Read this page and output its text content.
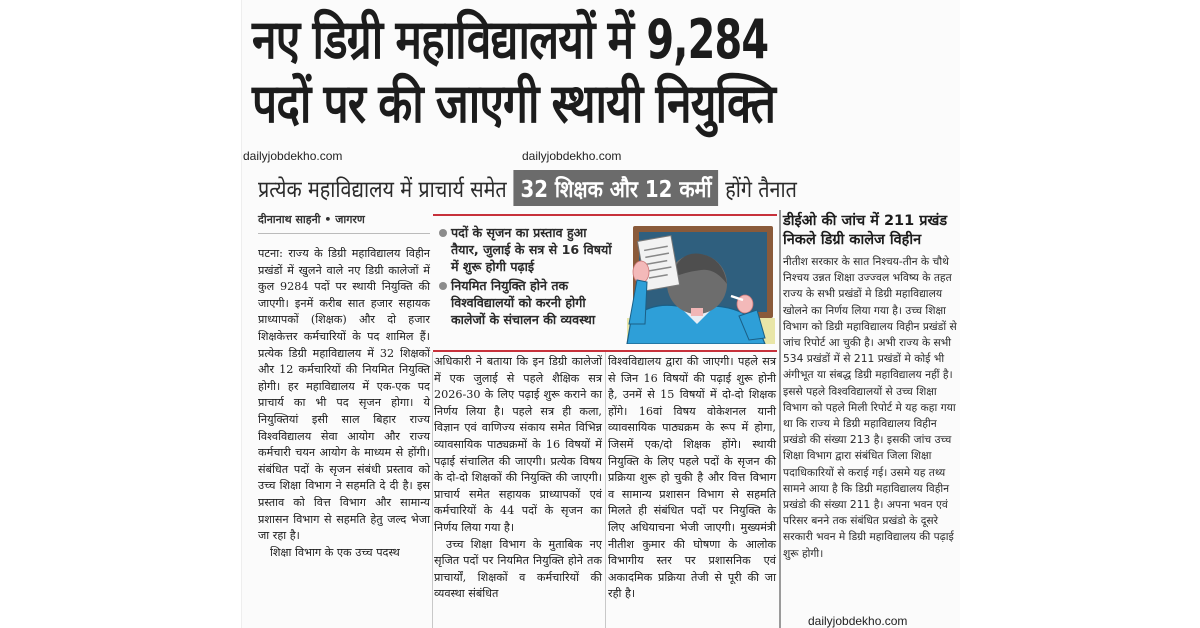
नए डिग्री महाविद्यालयों में 9,284
पदों पर की जाएगी स्थायी नियुक्ति
dailyjobdekho.com	dailyjobdekho.com
प्रत्येक महाविद्यालय में प्राचार्य समेत 32 शिक्षक और 12 कर्मी होंगे तैनात
दीनानाथ साहनी • जागरण

पटना: राज्य के डिग्री महाविद्यालय विहीन प्रखंडों में खुलने वाले नए डिग्री कालेजों में कुल 9284 पदों पर स्थायी नियुक्ति की जाएगी। इनमें करीब सात हजार सहायक प्राध्यापकों (शिक्षक) और दो हजार शिक्षकेत्तर कर्मचारियों के पद शामिल हैं। प्रत्येक डिग्री महाविद्यालय में 32 शिक्षकों और 12 कर्मचारियों की नियमित नियुक्ति होगी। हर महाविद्यालय में एक-एक पद प्राचार्य का भी पद सृजन होगा। ये नियुक्तियां इसी साल बिहार राज्य विश्वविद्यालय सेवा आयोग और राज्य कर्मचारी चयन आयोग के माध्यम से होंगी। संबंधित पदों के सृजन संबंधी प्रस्ताव को उच्च शिक्षा विभाग ने सहमति दे दी है। इस प्रस्ताव को वित्त विभाग और सामान्य प्रशासन विभाग से सहमति हेतु जल्द भेजा जा रहा है।

शिक्षा विभाग के एक उच्च पदस्थ

पदों के सृजन का प्रस्ताव हुआ तैयार, जुलाई के सत्र से 16 विषयों में शुरू होगी पढ़ाई
नियमित नियुक्ति होने तक विश्वविद्यालयों को करनी होगी कालेजों के संचालन की व्यवस्था

अधिकारी ने बताया कि इन डिग्री कालेजों में एक जुलाई से पहले शैक्षिक सत्र 2026-30 के लिए पढ़ाई शुरू कराने का निर्णय लिया है। पहले सत्र ही कला, विज्ञान एवं वाणिज्य संकाय समेत विभिन्न व्यावसायिक पाठ्यक्रमों के 16 विषयों में पढ़ाई संचालित की जाएगी। प्रत्येक विषय के दो-दो शिक्षकों की नियुक्ति की जाएगी। प्राचार्य समेत सहायक प्राध्यापकों एवं कर्मचारियों के 44 पदों के सृजन का निर्णय लिया गया है।

उच्च शिक्षा विभाग के मुताबिक नए सृजित पदों पर नियमित नियुक्ति होने तक प्राचार्यों, शिक्षकों व कर्मचारियों की व्यवस्था संबंधित

विश्वविद्यालय द्वारा की जाएगी। पहले सत्र से जिन 16 विषयों की पढ़ाई शुरू होनी है, उनमें से 15 विषयों में दो-दो शिक्षक होंगे। 16वां विषय वोकेशनल यानी व्यावसायिक पाठ्यक्रम के रूप में होगा, जिसमें एक/दो शिक्षक होंगे। स्थायी नियुक्ति के लिए पहले पदों के सृजन की प्रक्रिया शुरू हो चुकी है और वित्त विभाग व सामान्य प्रशासन विभाग से सहमति मिलते ही संबंधित पदों पर नियुक्ति के लिए अधियाचना भेजी जाएगी। मुख्यमंत्री नीतीश कुमार की घोषणा के आलोक विभागीय स्तर पर प्रशासनिक एवं अकादमिक प्रक्रिया तेजी से पूरी की जा रही है।

डीईओ की जांच में 211 प्रखंड निकले डिग्री कालेज विहीन
नीतीश सरकार के सात निश्चय-तीन के चौथे निश्चय उन्नत शिक्षा उज्ज्वल भविष्य के तहत राज्य के सभी प्रखंडों मे डिग्री महाविद्यालय खोलने का निर्णय लिया गया है। उच्च शिक्षा विभाग को डिग्री महाविद्यालय विहीन प्रखंडों से जांच रिपोर्ट आ चुकी है। अभी राज्य के सभी 534 प्रखंडों में से 211 प्रखंडों मे कोई भी अंगीभूत या संबद्ध डिग्री महाविद्यालय नहीं है। इससे पहले विश्वविद्यालयों से उच्च शिक्षा विभाग को पहले मिली रिपोर्ट मे यह कहा गया था कि राज्य मे डिग्री महाविद्यालय विहीन प्रखंडो की संख्या 213 है। इसकी जांच उच्च शिक्षा विभाग द्वारा संबंधित जिला शिक्षा पदाधिकारियों से कराई गई। उसमे यह तथ्य सामने आया है कि डिग्री महाविद्यालय विहीन प्रखंडो की संख्या 211 है। अपना भवन एवं परिसर बनने तक संबंधित प्रखंडो के दूसरे सरकारी भवन मे डिग्री महाविद्यालय की पढ़ाई शुरू होगी।
dailyjobdekho.com
